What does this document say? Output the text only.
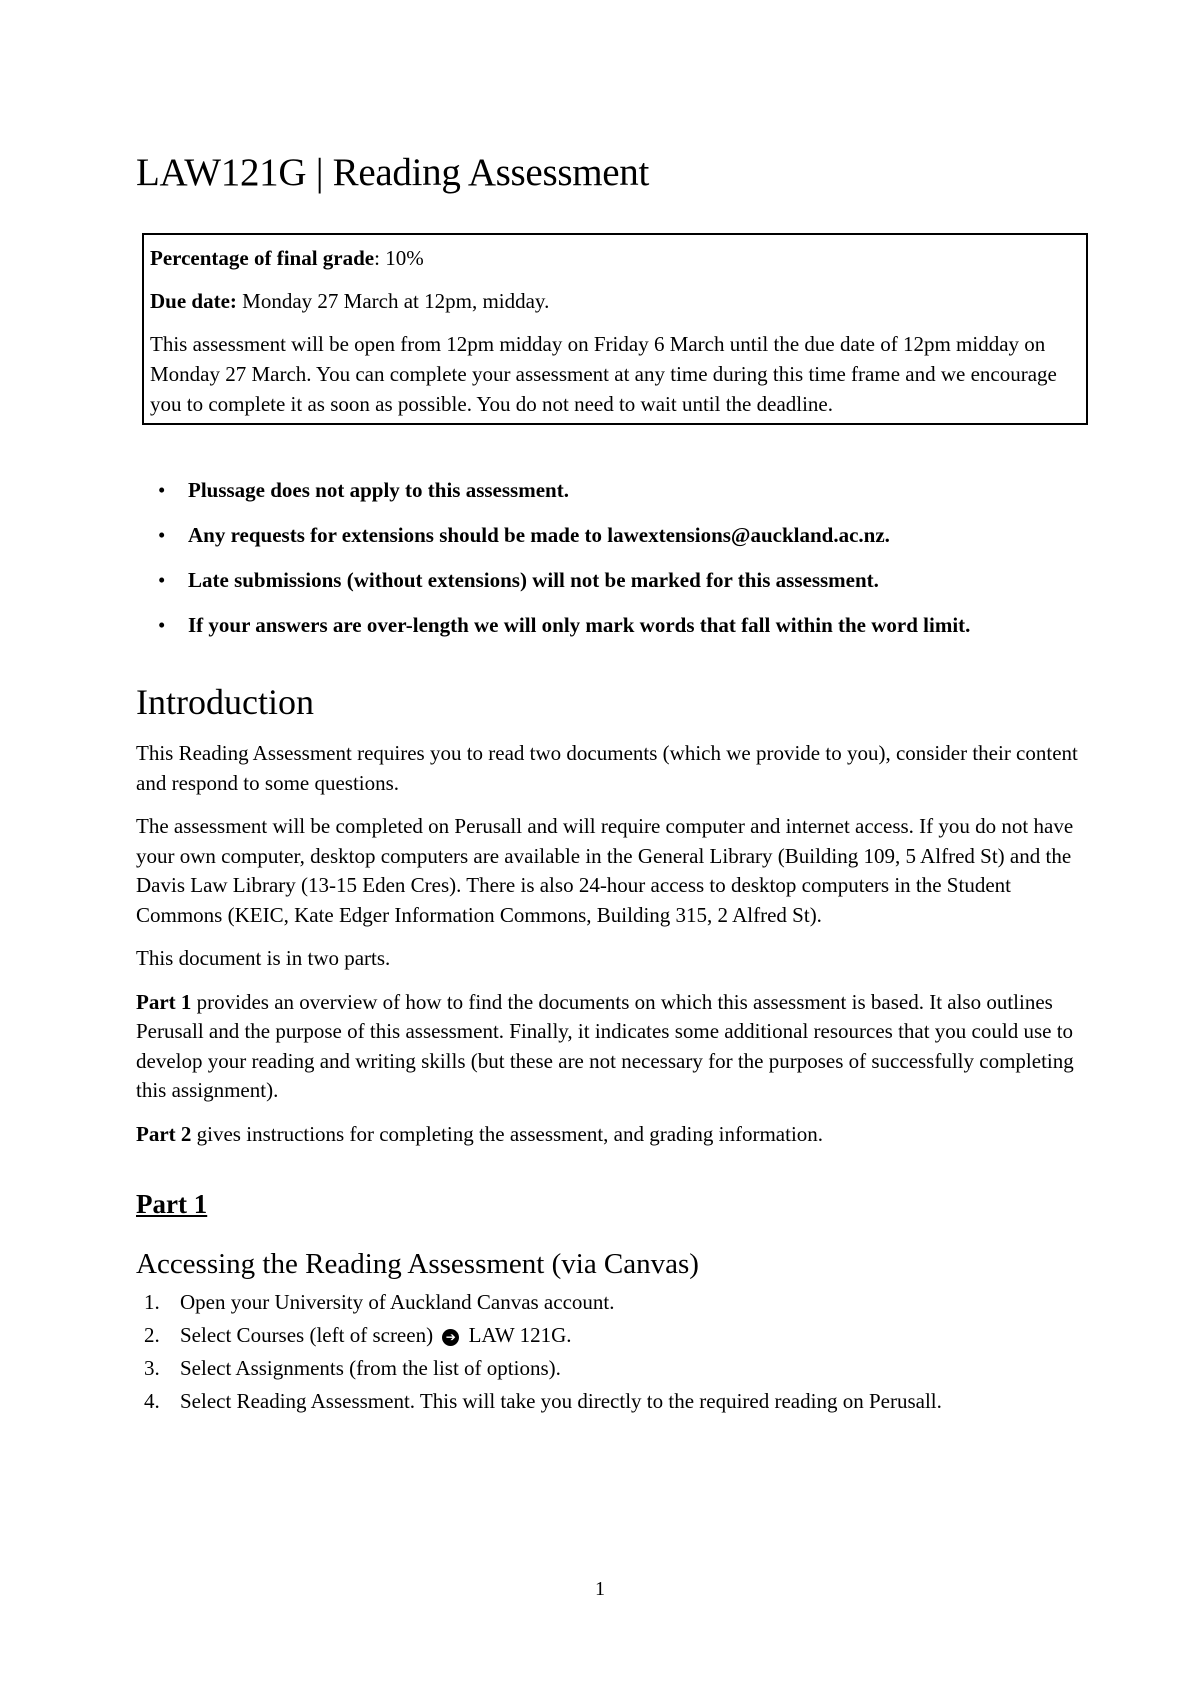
LAW121G | Reading Assessment

Percentage of final grade: 10%

Due date: Monday 27 March at 12pm, midday.

This assessment will be open from 12pm midday on Friday 6 March until the due date of 12pm midday on Monday 27 March. You can complete your assessment at any time during this time frame and we encourage you to complete it as soon as possible. You do not need to wait until the deadline.

• Plussage does not apply to this assessment.
• Any requests for extensions should be made to lawextensions@auckland.ac.nz.
• Late submissions (without extensions) will not be marked for this assessment.
• If your answers are over-length we will only mark words that fall within the word limit.
Introduction

This Reading Assessment requires you to read two documents (which we provide to you), consider their content and respond to some questions.

The assessment will be completed on Perusall and will require computer and internet access. If you do not have your own computer, desktop computers are available in the General Library (Building 109, 5 Alfred St) and the Davis Law Library (13-15 Eden Cres). There is also 24-hour access to desktop computers in the Student Commons (KEIC, Kate Edger Information Commons, Building 315, 2 Alfred St).

This document is in two parts.

Part 1 provides an overview of how to find the documents on which this assessment is based. It also outlines Perusall and the purpose of this assessment. Finally, it indicates some additional resources that you could use to develop your reading and writing skills (but these are not necessary for the purposes of successfully completing this assignment).

Part 2 gives instructions for completing the assessment, and grading information.

Part 1
Accessing the Reading Assessment (via Canvas)
1. Open your University of Auckland Canvas account.
2. Select Courses (left of screen) ➔ LAW 121G.
3. Select Assignments (from the list of options).
4. Select Reading Assessment. This will take you directly to the required reading on Perusall.
1
